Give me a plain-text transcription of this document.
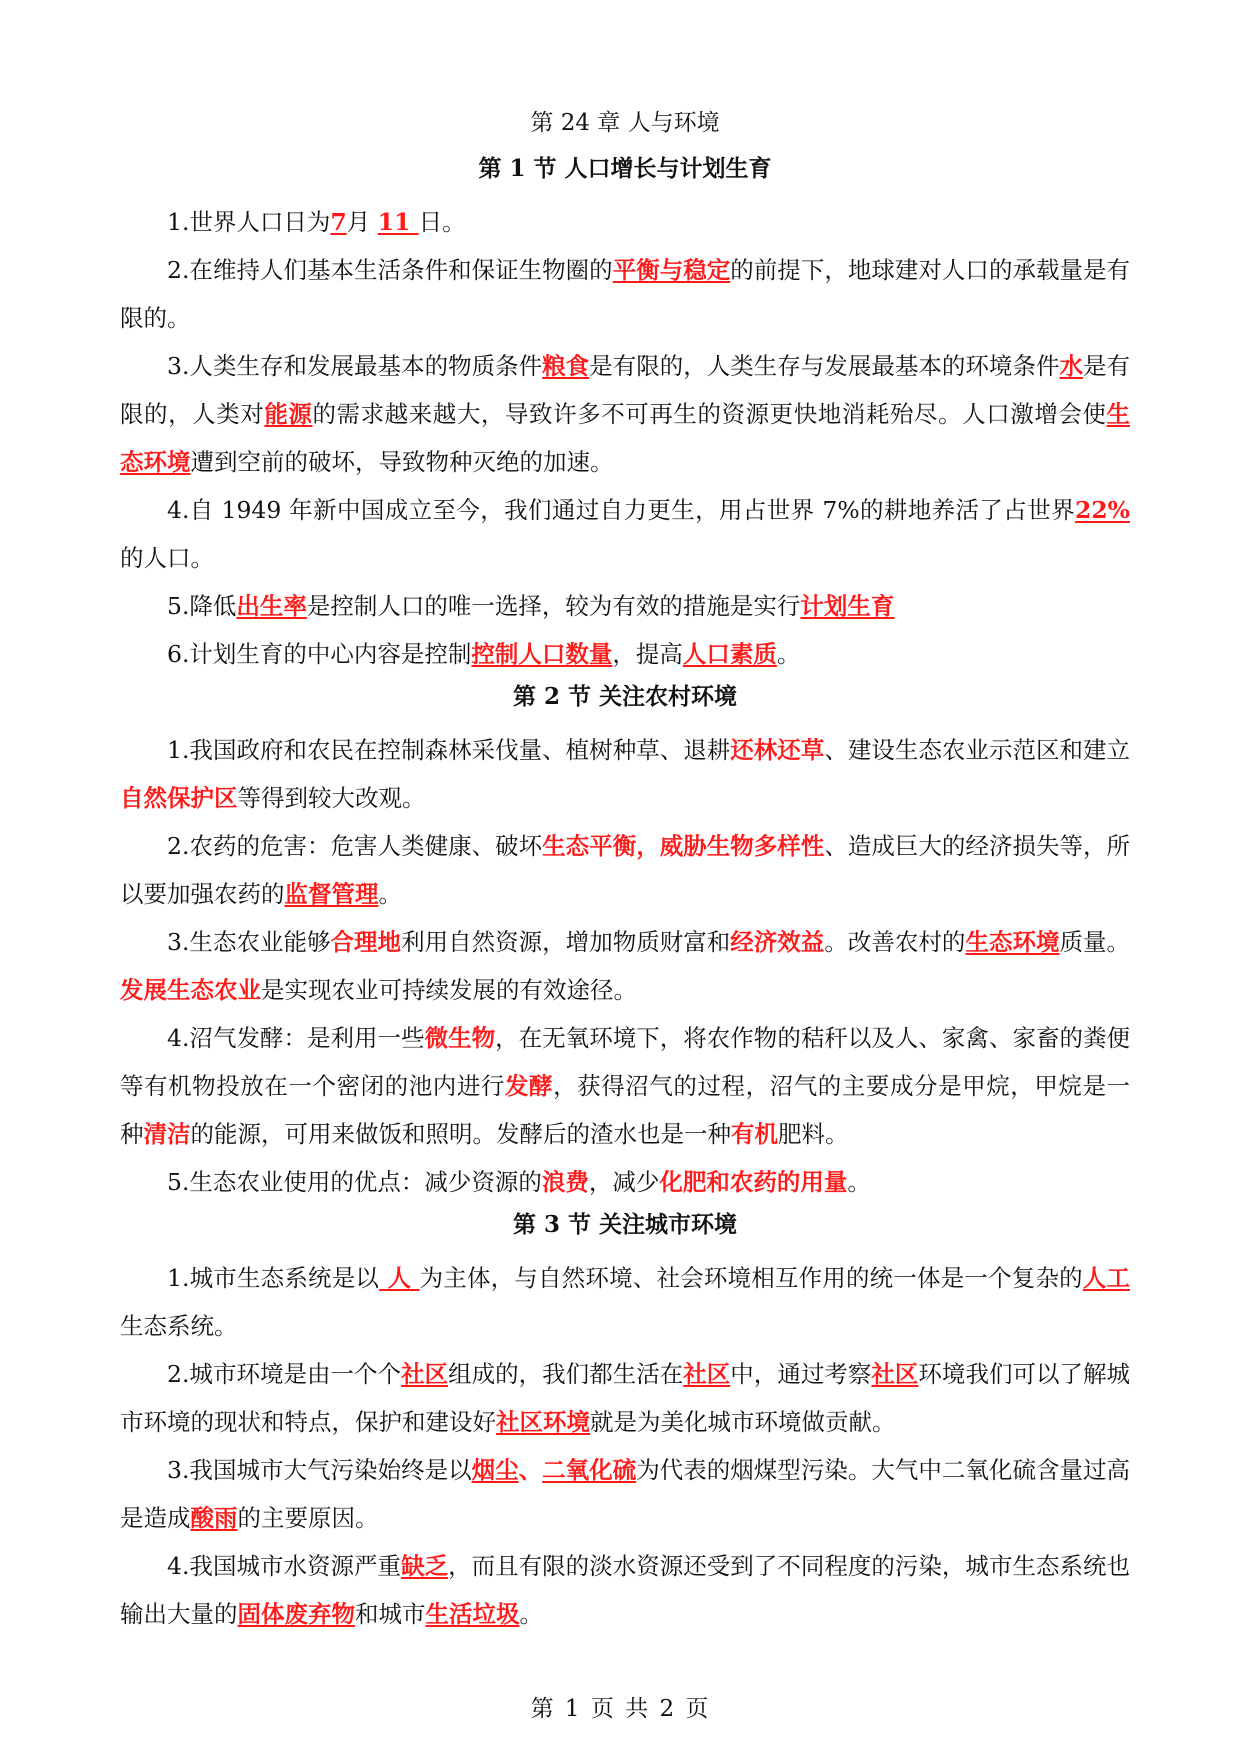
第 24 章 人与环境
第 1 节 人口增长与计划生育

1.世界人口日为7月 11 日。

2.在维持人们基本生活条件和保证生物圈的平衡与稳定的前提下，地球建对人口的承载量是有限的。

3.人类生存和发展最基本的物质条件粮食是有限的，人类生存与发展最基本的环境条件水是有限的，人类对能源的需求越来越大，导致许多不可再生的资源更快地消耗殆尽。人口激增会使生态环境遭到空前的破坏，导致物种灭绝的加速。

4.自 1949 年新中国成立至今，我们通过自力更生，用占世界 7%的耕地养活了占世界22%的人口。

5.降低出生率是控制人口的唯一选择，较为有效的措施是实行计划生育

6.计划生育的中心内容是控制控制人口数量，提高人口素质。

第 2 节 关注农村环境

1.我国政府和农民在控制森林采伐量、植树种草、退耕还林还草、建设生态农业示范区和建立自然保护区等得到较大改观。

2.农药的危害：危害人类健康、破坏生态平衡，威胁生物多样性、造成巨大的经济损失等，所以要加强农药的监督管理。

3.生态农业能够合理地利用自然资源，增加物质财富和经济效益。改善农村的生态环境质量。发展生态农业是实现农业可持续发展的有效途径。

4.沼气发酵：是利用一些微生物，在无氧环境下，将农作物的秸秆以及人、家禽、家畜的粪便等有机物投放在一个密闭的池内进行发酵，获得沼气的过程，沼气的主要成分是甲烷，甲烷是一种清洁的能源，可用来做饭和照明。发酵后的渣水也是一种有机肥料。

5.生态农业使用的优点：减少资源的浪费，减少化肥和农药的用量。

第 3 节 关注城市环境

1.城市生态系统是以 人 为主体，与自然环境、社会环境相互作用的统一体是一个复杂的人工生态系统。

2.城市环境是由一个个社区组成的，我们都生活在社区中，通过考察社区环境我们可以了解城市环境的现状和特点，保护和建设好社区环境就是为美化城市环境做贡献。

3.我国城市大气污染始终是以烟尘、二氧化硫为代表的烟煤型污染。大气中二氧化硫含量过高是造成酸雨的主要原因。

4.我国城市水资源严重缺乏，而且有限的淡水资源还受到了不同程度的污染，城市生态系统也输出大量的固体废弃物和城市生活垃圾。

第 1 页 共 2 页
